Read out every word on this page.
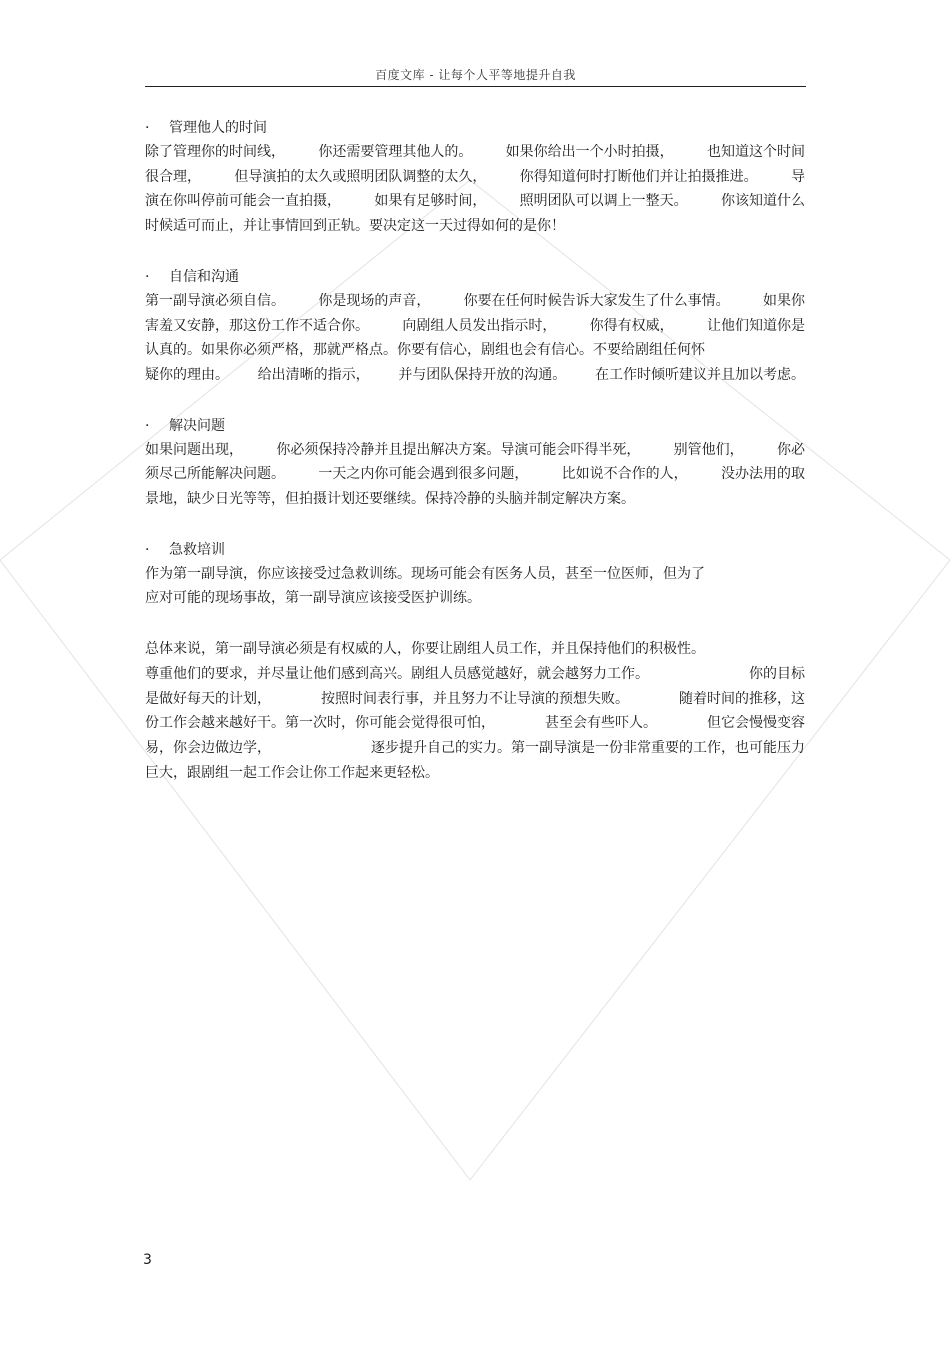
百度文库 - 让每个人平等地提升自我
· 管理他人的时间
除了管理你的时间线， 你还需要管理其他人的。 如果你给出一个小时拍摄， 也知道这个时间
很合理， 但导演拍的太久或照明团队调整的太久， 你得知道何时打断他们并让拍摄推进。 导
演在你叫停前可能会一直拍摄， 如果有足够时间， 照明团队可以调上一整天。 你该知道什么
时候适可而止，并让事情回到正轨。要决定这一天过得如何的是你！
· 自信和沟通
第一副导演必须自信。 你是现场的声音， 你要在任何时候告诉大家发生了什么事情。 如果你
害羞又安静，那这份工作不适合你。 向剧组人员发出指示时， 你得有权威， 让他们知道你是
认真的。如果你必须严格，那就严格点。你要有信心，剧组也会有信心。不要给剧组任何怀
疑你的理由。 给出清晰的指示， 并与团队保持开放的沟通。 在工作时倾听建议并且加以考虑。
· 解决问题
如果问题出现， 你必须保持冷静并且提出解决方案。导演可能会吓得半死， 别管他们， 你必
须尽己所能解决问题。 一天之内你可能会遇到很多问题， 比如说不合作的人， 没办法用的取
景地，缺少日光等等，但拍摄计划还要继续。保持冷静的头脑并制定解决方案。
· 急救培训
作为第一副导演，你应该接受过急救训练。现场可能会有医务人员，甚至一位医师，但为了
应对可能的现场事故，第一副导演应该接受医护训练。
总体来说，第一副导演必须是有权威的人，你要让剧组人员工作，并且保持他们的积极性。
尊重他们的要求，并尽量让他们感到高兴。剧组人员感觉越好，就会越努力工作。	你的目标
是做好每天的计划，	按照时间表行事，并且努力不让导演的预想失败。	随着时间的推移，这
份工作会越来越好干。第一次时，你可能会觉得很可怕，	甚至会有些吓人。	但它会慢慢变容
易，你会边做边学，	逐步提升自己的实力。第一副导演是一份非常重要的工作，也可能压力
巨大，跟剧组一起工作会让你工作起来更轻松。
3
